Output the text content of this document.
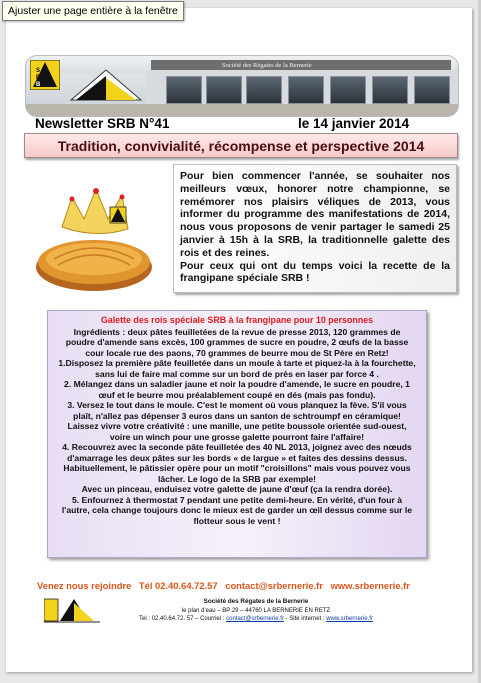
Ajuster une page entière à la fenêtre
Société des Régates de la Bernerie
S
R
B
Newsletter SRB N°41	le 14 janvier 2014
Tradition, convivialité, récompense et perspective 2014

Pour bien commencer l'année, se souhaiter nos meilleurs vœux, honorer notre championne, se remémorer nos plaisirs véliques de 2013, vous informer du programme des manifestations de 2014, nous vous proposons de venir partager le samedi 25 janvier à 15h à la SRB, la traditionnelle galette des rois et des reines.

Pour ceux qui ont du temps voici la recette de la frangipane spéciale SRB !

Galette des rois spéciale SRB à la frangipane pour 10 personnes

Ingrédients : deux pâtes feuilletées de la revue de presse 2013, 120 grammes de poudre d'amende sans excès, 100 grammes de sucre en poudre, 2 œufs de la basse cour locale rue des paons, 70 grammes de beurre mou de St Père en Retz!

1.Disposez la première pâte feuilletée dans un moule à tarte et piquez-la à la fourchette, sans lui de faire mal comme sur un bord de près en laser par force 4 .

2. Mélangez dans un saladier jaune et noir la poudre d'amende, le sucre en poudre, 1 œuf et le beurre mou préalablement coupé en dés (mais pas fondu).

3. Versez le tout dans le moule. C'est le moment où vous planquez la fève. S'il vous plaît, n'allez pas dépenser 3 euros dans un santon de schtroumpf en céramique! Laissez vivre votre créativité : une manille, une petite boussole orientée sud-ouest, voire un winch pour une grosse galette pourront faire l'affaire!

4. Recouvrez avec la seconde pâte feuilletée des 40 NL 2013, joignez avec des nœuds d'amarrage les deux pâtes sur les bords « de largue » et faites des dessins dessus. Habituellement, le pâtissier opère pour un motif "croisillons" mais vous pouvez vous lâcher. Le logo de la SRB par exemple!

Avec un pinceau, enduisez votre galette de jaune d'œuf (ça la rendra dorée).

5. Enfournez à thermostat 7 pendant une petite demi-heure. En vérité, d'un four à l'autre, cela change toujours donc le mieux est de garder un œil dessus comme sur le flotteur sous le vent !

Venez nous rejoindre Tél 02.40.64.72.57 contact@srbernerie.fr www.srbernerie.fr
Société des Régates de la Bernerie
le plan d'eau – BP 29 – 44760 LA BERNERIE EN RETZ
Tel : 02.40.64.72. 57 – Courriel : contact@srbernerie.fr - Site internet : www.srbernerie.fr
